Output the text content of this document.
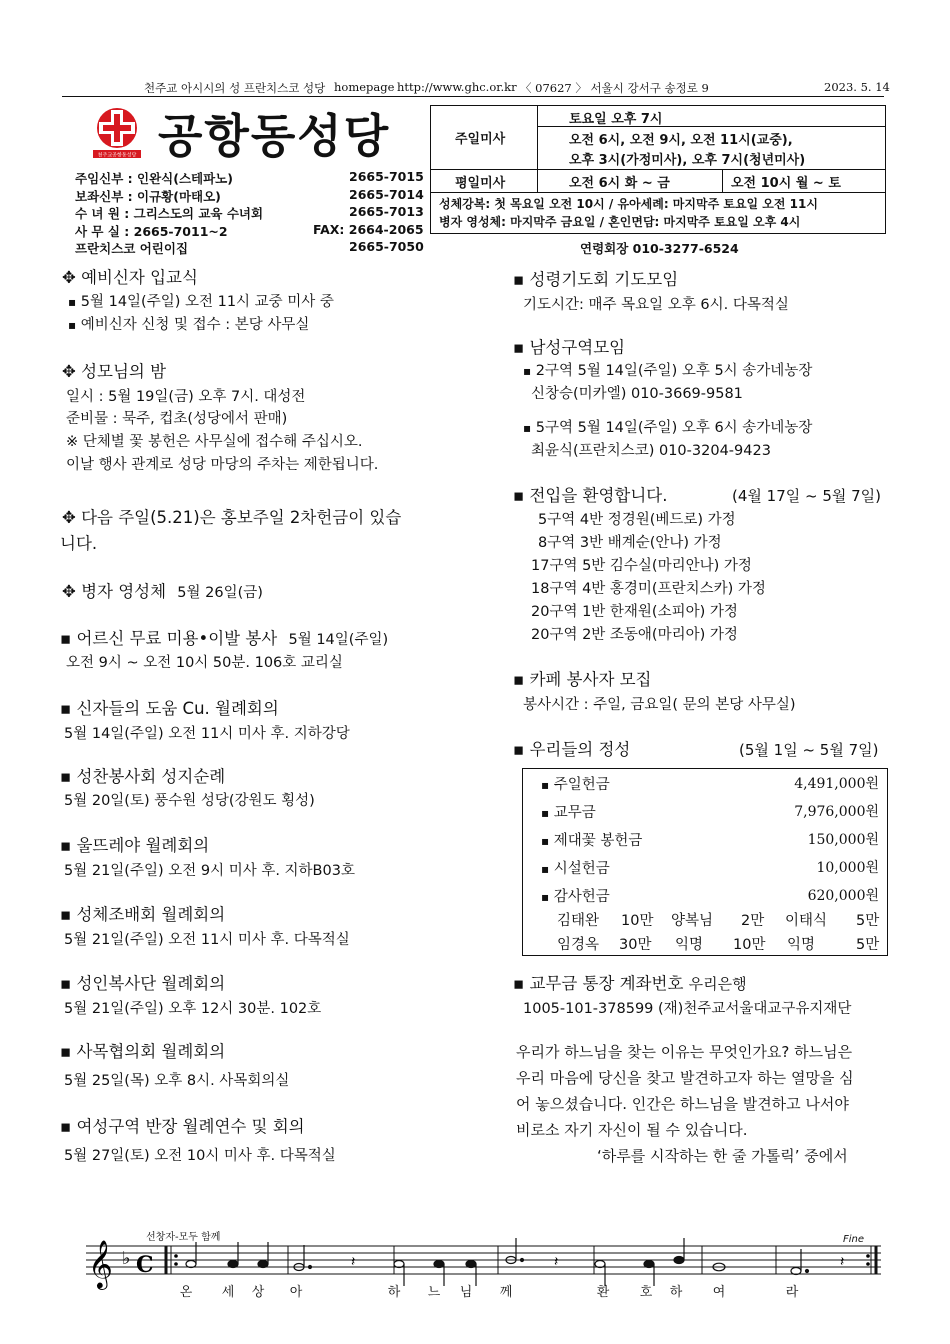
천주교 아시시의 성 프란치스코 성당 homepage http://www.ghc.or.kr 〈 07627 〉 서울시 강서구 송정로 9	2023. 5. 14
천주교공항동성당 공항동성당
주임신부 : 인완식(스테파노)	2665-7015
보좌신부 : 이규황(마태오)	2665-7014
수 녀 원 : 그리스도의 교육 수녀회	2665-7013
사 무 실 : 2665-7011~2	FAX: 2664-2065
프란치스코 어린이집	2665-7050
주일미사
토요일 오후 7시
오전 6시, 오전 9시, 오전 11시(교중),
오후 3시(가정미사), 오후 7시(청년미사)
평일미사	오전 6시 화 ~ 금	오전 10시 월 ~ 토
성체강복: 첫 목요일 오전 10시 / 유아세례: 마지막주 토요일 오전 11시
병자 영성체: 마지막주 금요일 / 혼인면담: 마지막주 토요일 오후 4시
연령회장 010-3277-6524
✥ 예비신자 입교식
▪ 5월 14일(주일) 오전 11시 교중 미사 중
▪ 예비신자 신청 및 접수 : 본당 사무실
✥ 성모님의 밤
일시 : 5월 19일(금) 오후 7시. 대성전
준비물 : 묵주, 컵초(성당에서 판매)
※ 단체별 꽃 봉헌은 사무실에 접수해 주십시오.
이날 행사 관계로 성당 마당의 주차는 제한됩니다.
✥ 다음 주일(5.21)은 홍보주일 2차헌금이 있습
니다.
✥ 병자 영성체 5월 26일(금)
▪ 어르신 무료 미용•이발 봉사 5월 14일(주일)
오전 9시 ~ 오전 10시 50분. 106호 교리실
▪ 신자들의 도움 Cu. 월례회의
5월 14일(주일) 오전 11시 미사 후. 지하강당
▪ 성찬봉사회 성지순례
5월 20일(토) 풍수원 성당(강원도 횡성)
▪ 울뜨레야 월례회의
5월 21일(주일) 오전 9시 미사 후. 지하B03호
▪ 성체조배회 월례회의
5월 21일(주일) 오전 11시 미사 후. 다목적실
▪ 성인복사단 월례회의
5월 21일(주일) 오후 12시 30분. 102호
▪ 사목협의회 월례회의
5월 25일(목) 오후 8시. 사목회의실
▪ 여성구역 반장 월례연수 및 회의
5월 27일(토) 오전 10시 미사 후. 다목적실
▪ 성령기도회 기도모임
기도시간: 매주 목요일 오후 6시. 다목적실
▪ 남성구역모임
▪ 2구역 5월 14일(주일) 오후 5시 송가네농장
신창승(미카엘) 010-3669-9581
▪ 5구역 5월 14일(주일) 오후 6시 송가네농장
최윤식(프란치스코) 010-3204-9423
▪ 전입을 환영합니다.	(4월 17일 ~ 5월 7일)
5구역 4반 정경원(베드로) 가정
8구역 3반 배계순(안나) 가정
17구역 5반 김수실(마리안나) 가정
18구역 4반 홍경미(프란치스카) 가정
20구역 1반 한재원(소피아) 가정
20구역 2반 조동애(마리아) 가정
▪ 카페 봉사자 모집
봉사시간 : 주일, 금요일( 문의 본당 사무실)
▪ 우리들의 정성	(5월 1일 ~ 5월 7일)
▪ 주일헌금	4,491,000원
▪ 교무금	7,976,000원
▪ 제대꽃 봉헌금	150,000원
▪ 시설헌금	10,000원
▪ 감사헌금	620,000원
김태완 10만 양복님 2만 이태식 5만
임경옥 30만 익명 10만 익명	5만
▪ 교무금 통장 계좌번호 우리은행
1005-101-378599 (재)천주교서울대교구유지재단
우리가 하느님을 찾는 이유는 무엇인가요? 하느님은
우리 마음에 당신을 찾고 발견하고자 하는 열망을 심
어 놓으셨습니다. 인간은 하느님을 발견하고 나서야
비로소 자기 자신이 될 수 있습니다.
‘하루를 시작하는 한 줄 가톨릭’ 중에서
선창자-모두 함께	Fine
𝄞 ♭ C	𝄽	𝄽	𝄽
온 세 상 아	하 느 님 께	환 호 하 여	라
